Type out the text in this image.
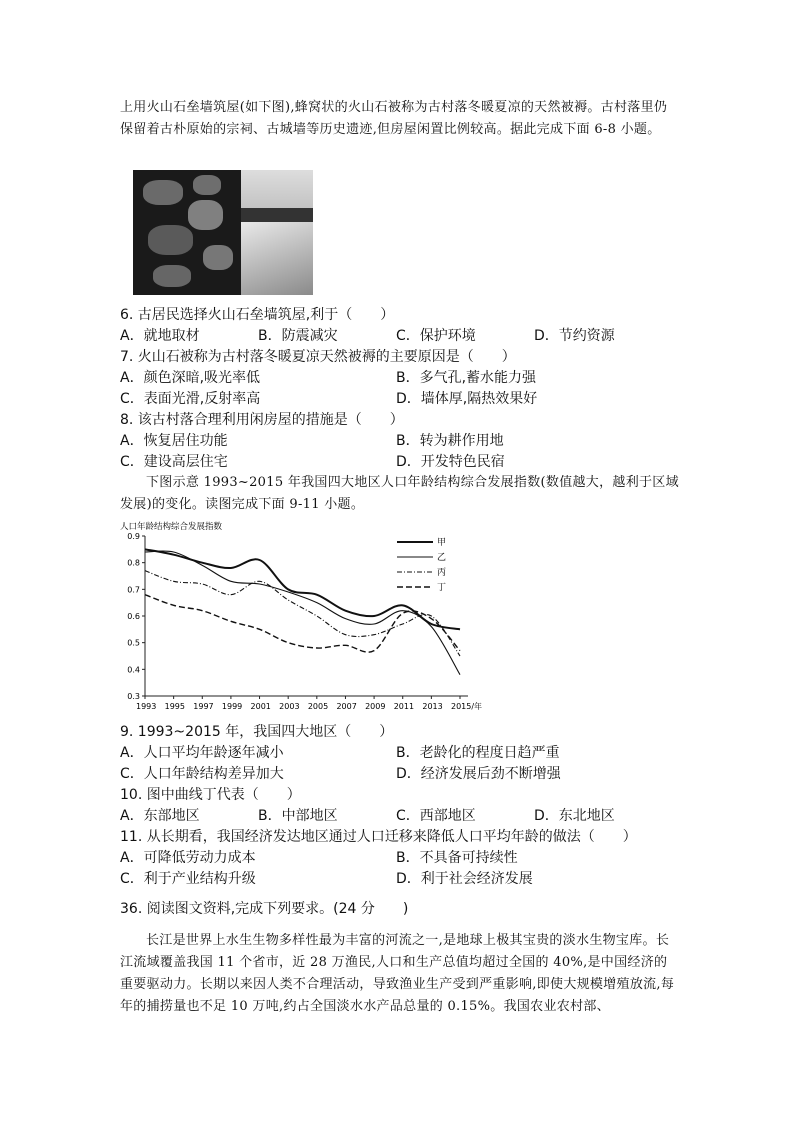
上用火山石垒墙筑屋(如下图),蜂窝状的火山石被称为古村落冬暖夏凉的天然被褥。古村落里仍保留着古朴原始的宗祠、古城墙等历史遗迹,但房屋闲置比例较高。据此完成下面 6-8 小题。
6. 古居民选择火山石垒墙筑屋,利于（　　）
A．就地取材	B．防震减灾	C．保护环境	D．节约资源
7. 火山石被称为古村落冬暖夏凉天然被褥的主要原因是（　　）
A．颜色深暗,吸光率低	B．多气孔,蓄水能力强
C．表面光滑,反射率高	D．墙体厚,隔热效果好
8. 该古村落合理利用闲房屋的措施是（　　）
A．恢复居住功能	B．转为耕作用地
C．建设高层住宅	D．开发特色民宿
下图示意 1993~2015 年我国四大地区人口年龄结构综合发展指数(数值越大，越利于区域发展)的变化。读图完成下面 9-11 小题。
人口年龄结构综合发展指数
0.9
0.8
0.7
0.6
0.5
0.4
0.3
1993 1995 1997 1999 2001 2003 2005 2007 2009 2011 2013 2015/年
甲
乙
丙
丁
9. 1993~2015 年，我国四大地区（　　）
A．人口平均年龄逐年减小	B．老龄化的程度日趋严重
C．人口年龄结构差异加大	D．经济发展后劲不断增强
10. 图中曲线丁代表（　　）
A．东部地区	B．中部地区	C．西部地区	D．东北地区
11. 从长期看，我国经济发达地区通过人口迁移来降低人口平均年龄的做法（　　）
A．可降低劳动力成本	B．不具备可持续性
C．利于产业结构升级	D．利于社会经济发展
36. 阅读图文资料,完成下列要求。(24 分　　)
长江是世界上水生生物多样性最为丰富的河流之一,是地球上极其宝贵的淡水生物宝库。长江流域覆盖我国 11 个省市，近 28 万渔民,人口和生产总值均超过全国的 40%,是中国经济的重要驱动力。长期以来因人类不合理活动，导致渔业生产受到严重影响,即使大规模增殖放流,每年的捕捞量也不足 10 万吨,约占全国淡水水产品总量的 0.15%。我国农业农村部、
